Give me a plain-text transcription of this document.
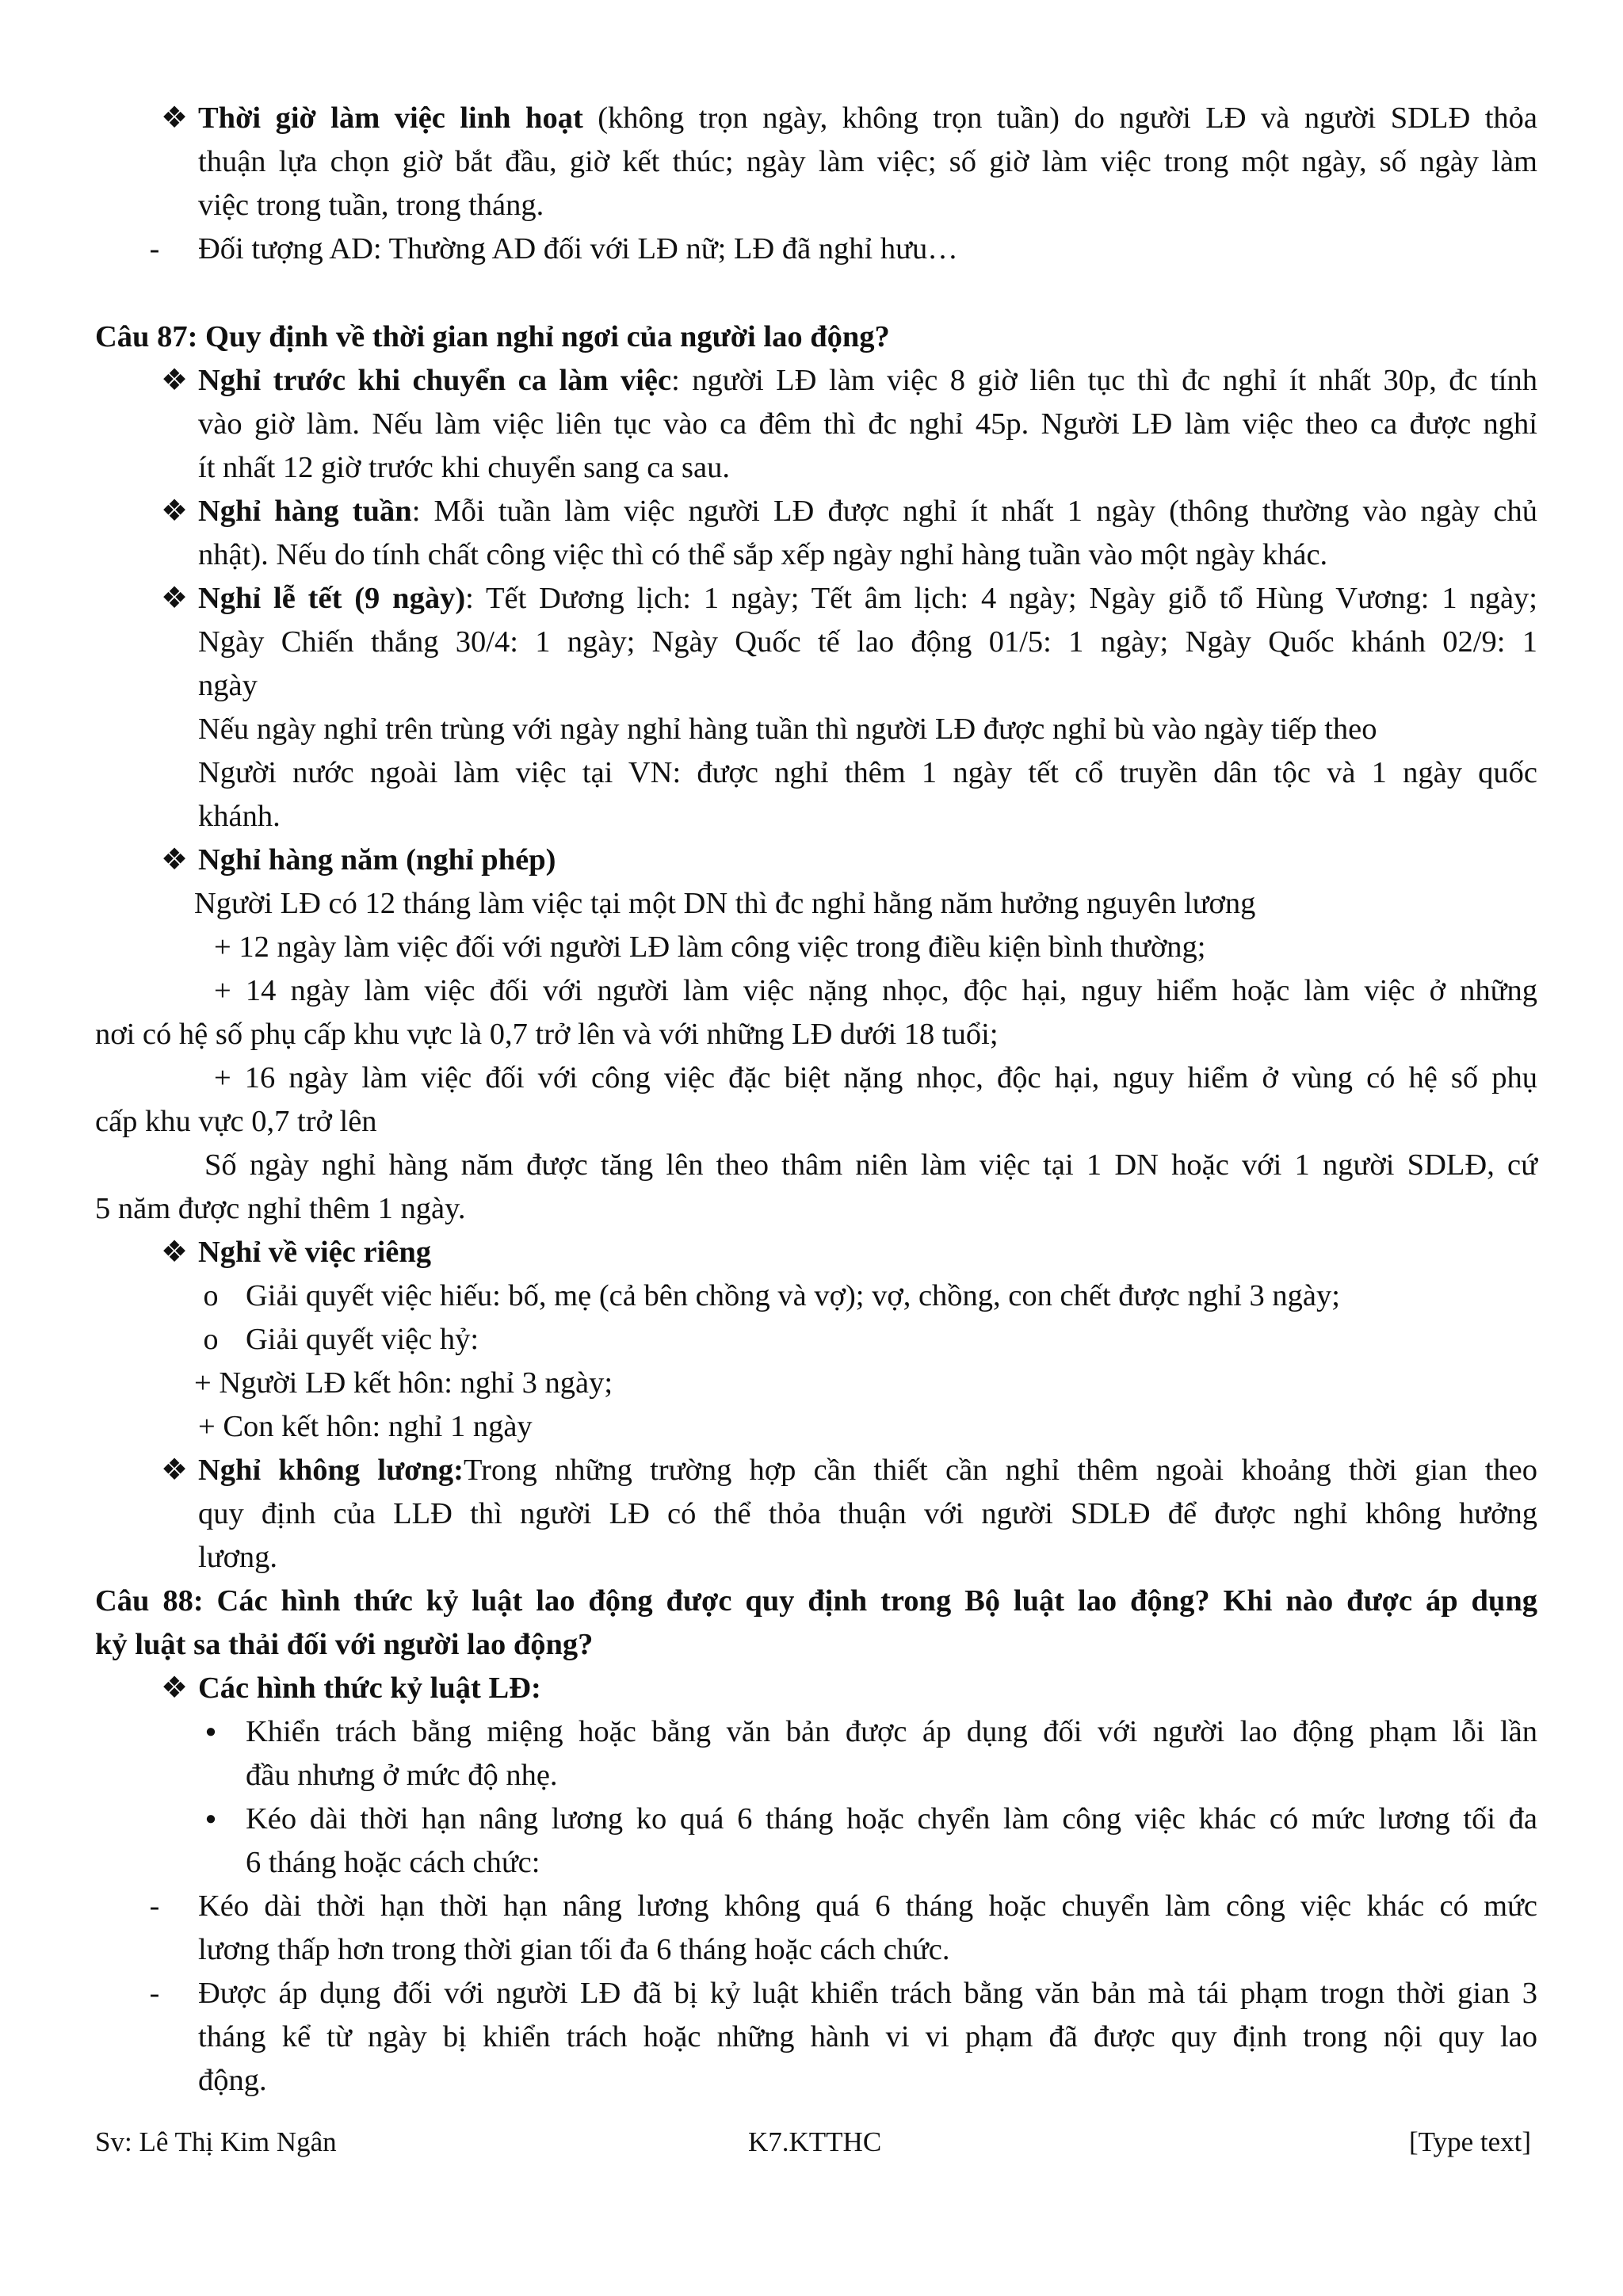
❖ Thời giờ làm việc linh hoạt (không trọn ngày, không trọn tuần) do người LĐ và người SDLĐ thỏa
thuận lựa chọn giờ bắt đầu, giờ kết thúc; ngày làm việc; số giờ làm việc trong một ngày, số ngày làm
việc trong tuần, trong tháng.
-	Đối tượng AD: Thường AD đối với LĐ nữ; LĐ đã nghỉ hưu…
Câu 87: Quy định về thời gian nghỉ ngơi của người lao động?
❖ Nghỉ trước khi chuyển ca làm việc: người LĐ làm việc 8 giờ liên tục thì đc nghỉ ít nhất 30p, đc tính
vào giờ làm. Nếu làm việc liên tục vào ca đêm thì đc nghỉ 45p. Người LĐ làm việc theo ca được nghỉ
ít nhất 12 giờ trước khi chuyển sang ca sau.
❖ Nghỉ hàng tuần: Mỗi tuần làm việc người LĐ được nghỉ ít nhất 1 ngày (thông thường vào ngày chủ
nhật). Nếu do tính chất công việc thì có thể sắp xếp ngày nghỉ hàng tuần vào một ngày khác.
❖ Nghỉ lễ tết (9 ngày): Tết Dương lịch: 1 ngày; Tết âm lịch: 4 ngày; Ngày giỗ tổ Hùng Vương: 1 ngày;
Ngày Chiến thắng 30/4: 1 ngày; Ngày Quốc tế lao động 01/5: 1 ngày; Ngày Quốc khánh 02/9: 1
ngày
Nếu ngày nghỉ trên trùng với ngày nghỉ hàng tuần thì người LĐ được nghỉ bù vào ngày tiếp theo
Người nước ngoài làm việc tại VN: được nghỉ thêm 1 ngày tết cổ truyền dân tộc và 1 ngày quốc
khánh.
❖ Nghỉ hàng năm (nghỉ phép)
Người LĐ có 12 tháng làm việc tại một DN thì đc nghỉ hằng năm hưởng nguyên lương
+ 12 ngày làm việc đối với người LĐ làm công việc trong điều kiện bình thường;
+ 14 ngày làm việc đối với người làm việc nặng nhọc, độc hại, nguy hiểm hoặc làm việc ở những
nơi có hệ số phụ cấp khu vực là 0,7 trở lên và với những LĐ dưới 18 tuổi;
+ 16 ngày làm việc đối với công việc đặc biệt nặng nhọc, độc hại, nguy hiểm ở vùng có hệ số phụ
cấp khu vực 0,7 trở lên
Số ngày nghỉ hàng năm được tăng lên theo thâm niên làm việc tại 1 DN hoặc với 1 người SDLĐ, cứ
5 năm được nghỉ thêm 1 ngày.
❖ Nghỉ về việc riêng
o Giải quyết việc hiếu: bố, mẹ (cả bên chồng và vợ); vợ, chồng, con chết được nghỉ 3 ngày;
o Giải quyết việc hỷ:
+ Người LĐ kết hôn: nghỉ 3 ngày;
+ Con kết hôn: nghỉ 1 ngày
❖ Nghỉ không lương:Trong những trường hợp cần thiết cần nghỉ thêm ngoài khoảng thời gian theo
quy định của LLĐ thì người LĐ có thể thỏa thuận với người SDLĐ để được nghỉ không hưởng
lương.
Câu 88: Các hình thức kỷ luật lao động được quy định trong Bộ luật lao động? Khi nào được áp dụng
kỷ luật sa thải đối với người lao động?
❖ Các hình thức kỷ luật LĐ:
● Khiển trách bằng miệng hoặc bằng văn bản được áp dụng đối với người lao động phạm lỗi lần
đầu nhưng ở mức độ nhẹ.
● Kéo dài thời hạn nâng lương ko quá 6 tháng hoặc chyển làm công việc khác có mức lương tối đa
6 tháng hoặc cách chức:
-	Kéo dài thời hạn thời hạn nâng lương không quá 6 tháng hoặc chuyển làm công việc khác có mức
lương thấp hơn trong thời gian tối đa 6 tháng hoặc cách chức.
-	Được áp dụng đối với người LĐ đã bị kỷ luật khiển trách bằng văn bản mà tái phạm trogn thời gian 3
tháng kể từ ngày bị khiển trách hoặc những hành vi vi phạm đã được quy định trong nội quy lao
động.
Sv: Lê Thị Kim Ngân	K7.KTTHC	[Type text]
